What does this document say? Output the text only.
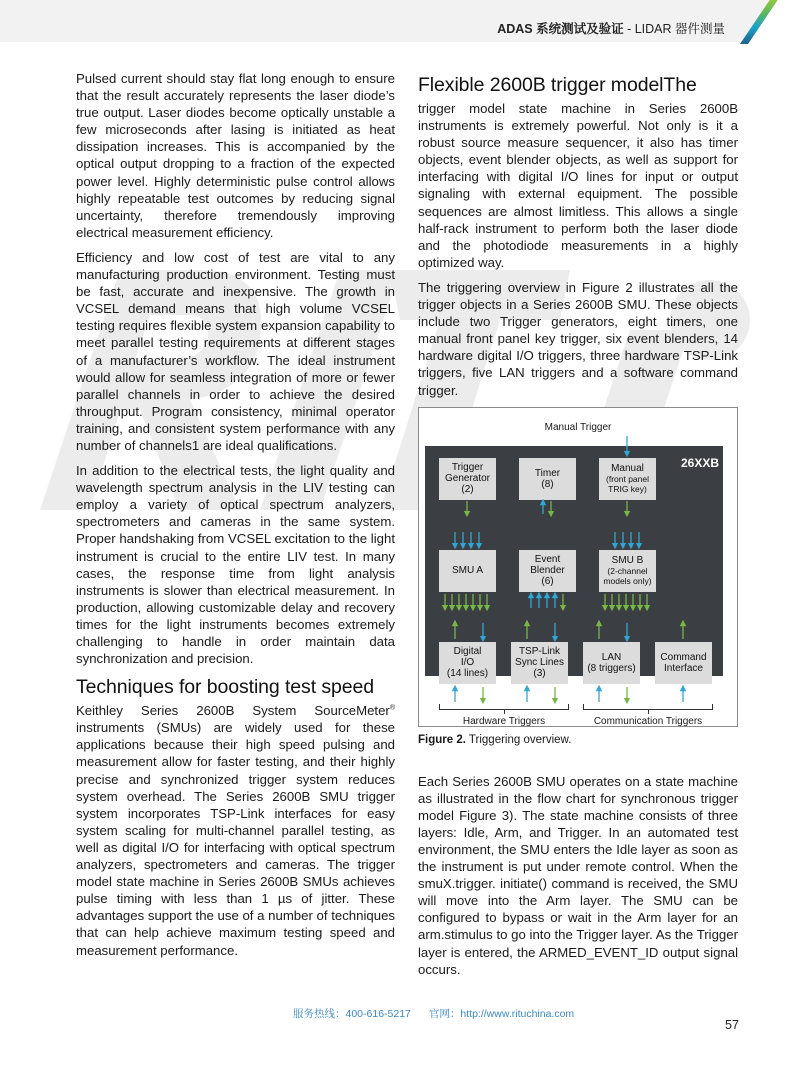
ADAS 系统测试及验证 - LIDAR 器件测量

Pulsed current should stay flat long enough to ensure that the result accurately represents the laser diode’s true output. Laser diodes become optically unstable a few microseconds after lasing is initiated as heat dissipation increases. This is accompanied by the optical output dropping to a fraction of the expected power level. Highly deterministic pulse control allows highly repeatable test outcomes by reducing signal uncertainty, therefore tremendously improving electrical measurement efficiency.

Efficiency and low cost of test are vital to any manufacturing production environment. Testing must be fast, accurate and inexpensive. The growth in VCSEL demand means that high volume VCSEL testing requires flexible system expansion capability to meet parallel testing requirements at different stages of a manufacturer’s workflow. The ideal instrument would allow for seamless integration of more or fewer parallel channels in order to achieve the desired throughput. Program consistency, minimal operator training, and consistent system performance with any number of channels1 are ideal qualifications.

In addition to the electrical tests, the light quality and wavelength spectrum analysis in the LIV testing can employ a variety of optical spectrum analyzers, spectrometers and cameras in the same system. Proper handshaking from VCSEL excitation to the light instrument is crucial to the entire LIV test. In many cases, the response time from light analysis instruments is slower than electrical measurement. In production, allowing customizable delay and recovery times for the light instruments becomes extremely challenging to handle in order maintain data synchronization and precision.

Techniques for boosting test speed

Keithley Series 2600B System SourceMeter® instruments (SMUs) are widely used for these applications because their high speed pulsing and measurement allow for faster testing, and their highly precise and synchronized trigger system reduces system overhead. The Series 2600B SMU trigger system incorporates TSP-Link interfaces for easy system scaling for multi-channel parallel testing, as well as digital I/O for interfacing with optical spectrum analyzers, spectrometers and cameras. The trigger model state machine in Series 2600B SMUs achieves pulse timing with less than 1 µs of jitter. These advantages support the use of a number of techniques that can help achieve maximum testing speed and measurement performance.

Flexible 2600B trigger modelThe

trigger model state machine in Series 2600B instruments is extremely powerful. Not only is it a robust source measure sequencer, it also has timer objects, event blender objects, as well as support for interfacing with digital I/O lines for input or output signaling with external equipment. The possible sequences are almost limitless. This allows a single half-rack instrument to perform both the laser diode and the photodiode measurements in a highly optimized way.

The triggering overview in Figure 2 illustrates all the trigger objects in a Series 2600B SMU. These objects include two Trigger generators, eight timers, one manual front panel key trigger, six event blenders, 14 hardware digital I/O triggers, three hardware TSP-Link triggers, five LAN triggers and a software command trigger.

Manual Trigger
26XXB
Trigger
Generator
(2)
Timer
(8)
Manual
(front panel
TRIG key)
SMU A
Event
Blender
(6)
SMU B
(2-channel
models only)
Digital
I/O
(14 lines)
TSP-Link
Sync Lines
(3)
LAN
(8 triggers)
Command
Interface
Hardware Triggers	Communication Triggers
Figure 2. Triggering overview.

Each Series 2600B SMU operates on a state machine as illustrated in the flow chart for synchronous trigger model Figure 3). The state machine consists of three layers: Idle, Arm, and Trigger. In an automated test environment, the SMU enters the Idle layer as soon as the instrument is put under remote control. When the smuX.trigger. initiate() command is received, the SMU will move into the Arm layer. The SMU can be configured to bypass or wait in the Arm layer for an arm.stimulus to go into the Trigger layer. As the Trigger layer is entered, the ARMED_EVENT_ID output signal occurs.

服务热线：400-616-5217 官网：http://www.rituchina.com
57
